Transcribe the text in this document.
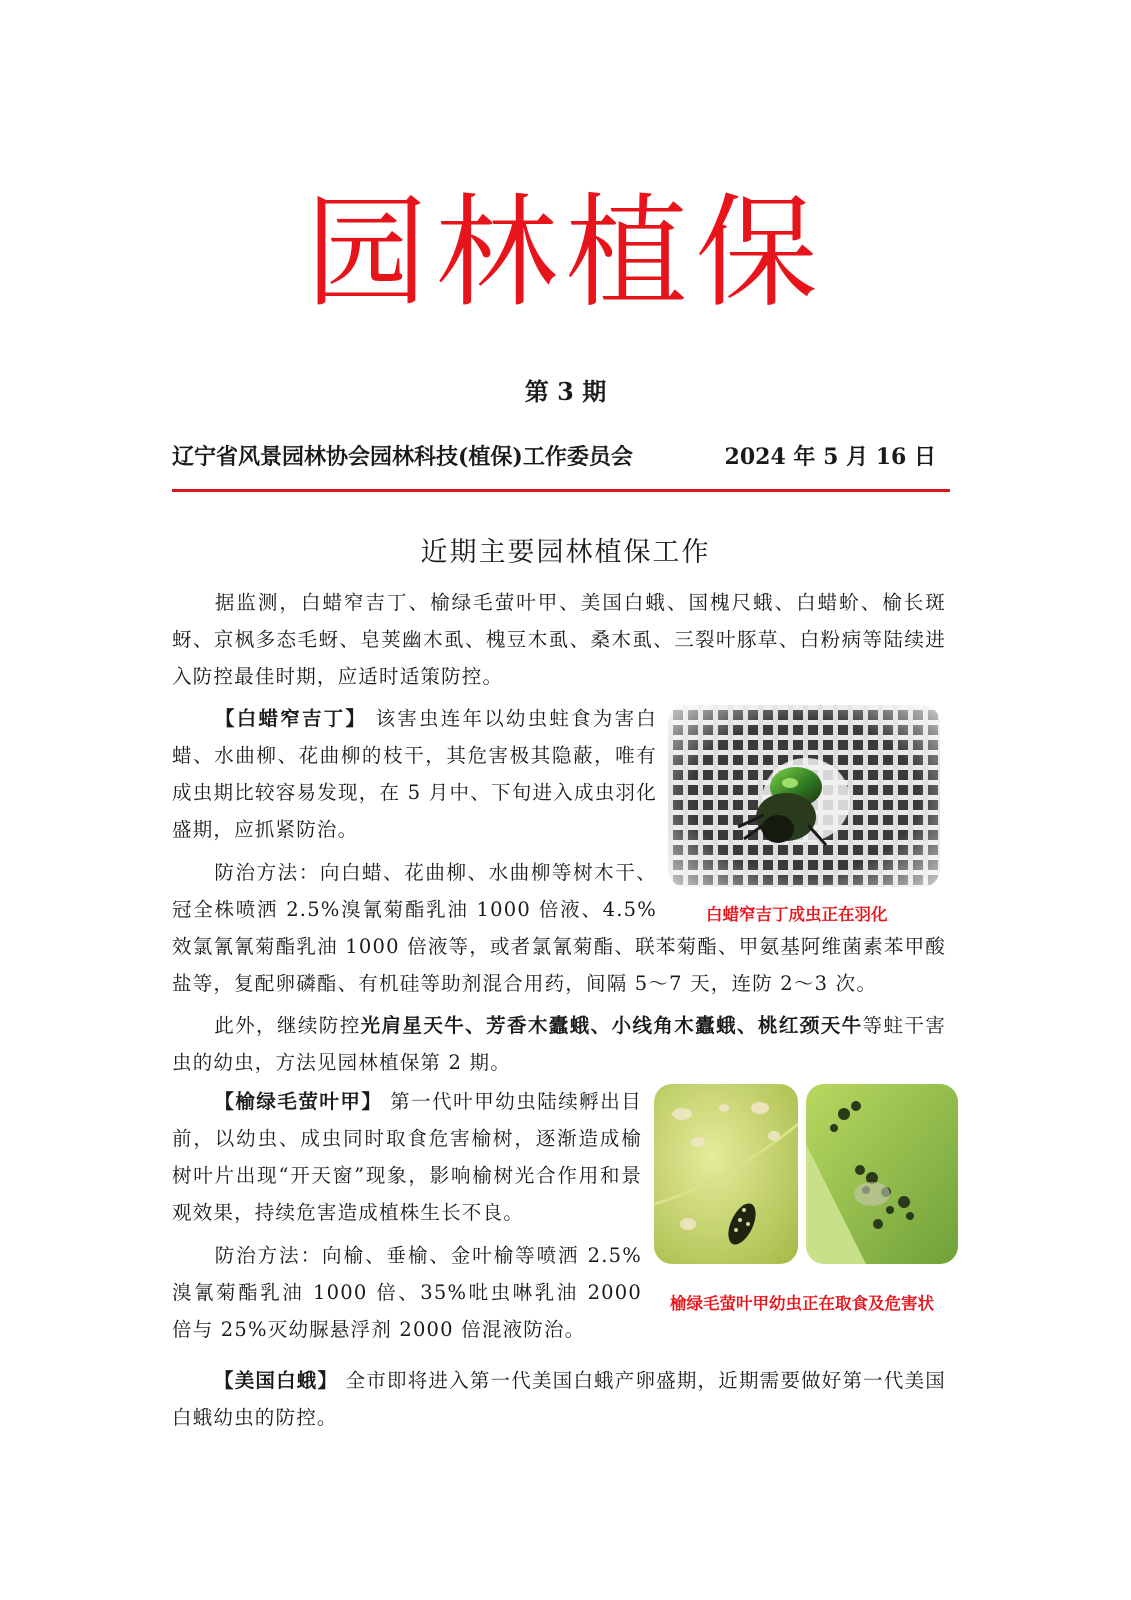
园林植保
第 3 期
辽宁省风景园林协会园林科技(植保)工作委员会	2024 年 5 月 16 日
近期主要园林植保工作

据监测，白蜡窄吉丁、榆绿毛萤叶甲、美国白蛾、国槐尺蛾、白蜡蚧、榆长斑蚜、京枫多态毛蚜、皂荚幽木虱、槐豆木虱、桑木虱、三裂叶豚草、白粉病等陆续进入防控最佳时期，应适时适策防控。

【白蜡窄吉丁】 该害虫连年以幼虫蛀食为害白蜡、水曲柳、花曲柳的枝干，其危害极其隐蔽，唯有成虫期比较容易发现，在 5 月中、下旬进入成虫羽化盛期，应抓紧防治。

白蜡窄吉丁成虫正在羽化

防治方法：向白蜡、花曲柳、水曲柳等树木干、冠全株喷洒 2.5%溴氰菊酯乳油 1000 倍液、4.5%

效氯氰氰菊酯乳油 1000 倍液等，或者氯氰菊酯、联苯菊酯、甲氨基阿维菌素苯甲酸盐等，复配卵磷酯、有机硅等助剂混合用药，间隔 5～7 天，连防 2～3 次。

此外，继续防控光肩星天牛、芳香木蠹蛾、小线角木蠹蛾、桃红颈天牛等蛀干害虫的幼虫，方法见园林植保第 2 期。

【榆绿毛萤叶甲】 第一代叶甲幼虫陆续孵出目前，以幼虫、成虫同时取食危害榆树，逐渐造成榆树叶片出现“开天窗”现象，影响榆树光合作用和景观效果，持续危害造成植株生长不良。

防治方法：向榆、垂榆、金叶榆等喷洒 2.5%溴氰菊酯乳油 1000 倍、35%吡虫啉乳油 2000 倍与 25%灭幼脲悬浮剂 2000 倍混液防治。

榆绿毛萤叶甲幼虫正在取食及危害状

【美国白蛾】 全市即将进入第一代美国白蛾产卵盛期，近期需要做好第一代美国白蛾幼虫的防控。
